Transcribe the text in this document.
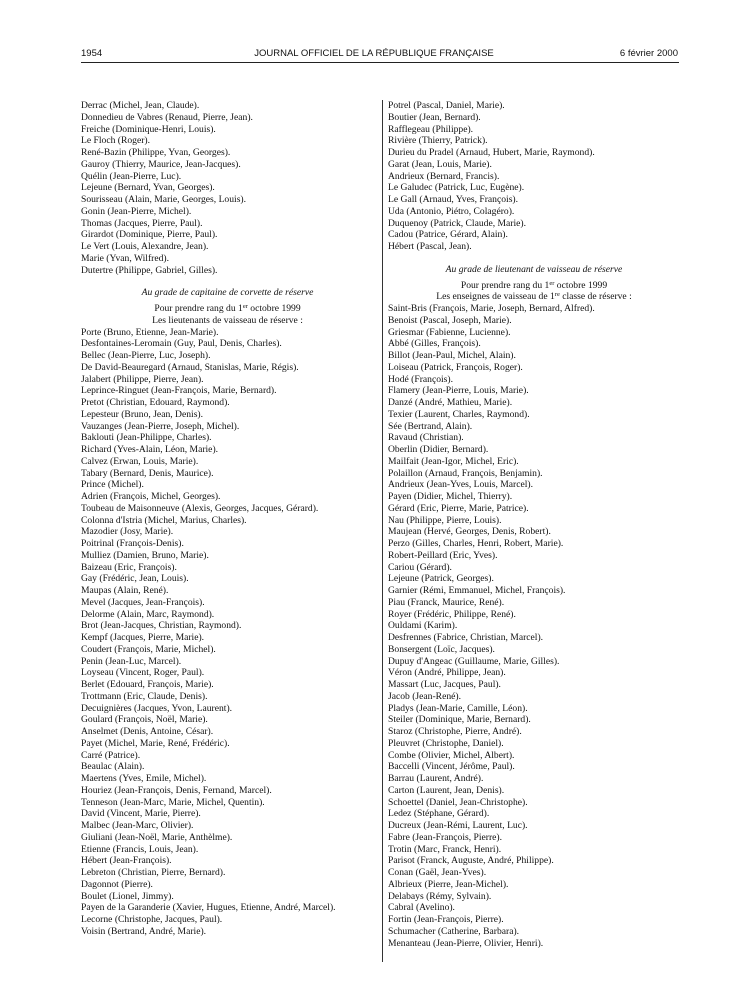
1954	JOURNAL OFFICIEL DE LA RÉPUBLIQUE FRANÇAISE	6 février 2000
Derrac (Michel, Jean, Claude).
Donnedieu de Vabres (Renaud, Pierre, Jean).
Freiche (Dominique-Henri, Louis).
Le Floch (Roger).
René-Bazin (Philippe, Yvan, Georges).
Gauroy (Thierry, Maurice, Jean-Jacques).
Quélin (Jean-Pierre, Luc).
Lejeune (Bernard, Yvan, Georges).
Sourisseau (Alain, Marie, Georges, Louis).
Gonin (Jean-Pierre, Michel).
Thomas (Jacques, Pierre, Paul).
Girardot (Dominique, Pierre, Paul).
Le Vert (Louis, Alexandre, Jean).
Marie (Yvan, Wilfred).
Dutertre (Philippe, Gabriel, Gilles).
Au grade de capitaine de corvette de réserve
Pour prendre rang du 1er octobre 1999
Les lieutenants de vaisseau de réserve :
Porte (Bruno, Etienne, Jean-Marie).
Desfontaines-Leromain (Guy, Paul, Denis, Charles).
Bellec (Jean-Pierre, Luc, Joseph).
De David-Beauregard (Arnaud, Stanislas, Marie, Régis).
Jalabert (Philippe, Pierre, Jean).
Leprince-Ringuet (Jean-François, Marie, Bernard).
Pretot (Christian, Edouard, Raymond).
Lepesteur (Bruno, Jean, Denis).
Vauzanges (Jean-Pierre, Joseph, Michel).
Baklouti (Jean-Philippe, Charles).
Richard (Yves-Alain, Léon, Marie).
Calvez (Erwan, Louis, Marie).
Tabary (Bernard, Denis, Maurice).
Prince (Michel).
Adrien (François, Michel, Georges).
Toubeau de Maisonneuve (Alexis, Georges, Jacques, Gérard).
Colonna d'Istria (Michel, Marius, Charles).
Mazodier (Josy, Marie).
Poitrinal (François-Denis).
Mulliez (Damien, Bruno, Marie).
Baizeau (Eric, François).
Gay (Frédéric, Jean, Louis).
Maupas (Alain, René).
Mevel (Jacques, Jean-François).
Delorme (Alain, Marc, Raymond).
Brot (Jean-Jacques, Christian, Raymond).
Kempf (Jacques, Pierre, Marie).
Coudert (François, Marie, Michel).
Penin (Jean-Luc, Marcel).
Loyseau (Vincent, Roger, Paul).
Berlet (Edouard, François, Marie).
Trottmann (Eric, Claude, Denis).
Decuignières (Jacques, Yvon, Laurent).
Goulard (François, Noël, Marie).
Anselmet (Denis, Antoine, César).
Payet (Michel, Marie, René, Frédéric).
Carré (Patrice).
Beaulac (Alain).
Maertens (Yves, Emile, Michel).
Houriez (Jean-François, Denis, Fernand, Marcel).
Tenneson (Jean-Marc, Marie, Michel, Quentin).
David (Vincent, Marie, Pierre).
Malbec (Jean-Marc, Olivier).
Giuliani (Jean-Noël, Marie, Anthèlme).
Etienne (Francis, Louis, Jean).
Hébert (Jean-François).
Lebreton (Christian, Pierre, Bernard).
Dagonnot (Pierre).
Boulet (Lionel, Jimmy).
Payen de la Garanderie (Xavier, Hugues, Etienne, André, Marcel).
Lecorne (Christophe, Jacques, Paul).
Voisin (Bertrand, André, Marie).
Potrel (Pascal, Daniel, Marie).
Boutier (Jean, Bernard).
Rafflegeau (Philippe).
Rivière (Thierry, Patrick).
Durieu du Pradel (Arnaud, Hubert, Marie, Raymond).
Garat (Jean, Louis, Marie).
Andrieux (Bernard, Francis).
Le Galudec (Patrick, Luc, Eugène).
Le Gall (Arnaud, Yves, François).
Uda (Antonio, Piétro, Colagéro).
Duquenoy (Patrick, Claude, Marie).
Cadou (Patrice, Gérard, Alain).
Hébert (Pascal, Jean).
Au grade de lieutenant de vaisseau de réserve
Pour prendre rang du 1er octobre 1999
Les enseignes de vaisseau de 1re classe de réserve :
Saint-Bris (François, Marie, Joseph, Bernard, Alfred).
Benoist (Pascal, Joseph, Marie).
Griesmar (Fabienne, Lucienne).
Abbé (Gilles, François).
Billot (Jean-Paul, Michel, Alain).
Loiseau (Patrick, François, Roger).
Hodé (François).
Flamery (Jean-Pierre, Louis, Marie).
Danzé (André, Mathieu, Marie).
Texier (Laurent, Charles, Raymond).
Sée (Bertrand, Alain).
Ravaud (Christian).
Oberlin (Didier, Bernard).
Mailfait (Jean-Igor, Michel, Eric).
Polaillon (Arnaud, François, Benjamin).
Andrieux (Jean-Yves, Louis, Marcel).
Payen (Didier, Michel, Thierry).
Gérard (Eric, Pierre, Marie, Patrice).
Nau (Philippe, Pierre, Louis).
Maujean (Hervé, Georges, Denis, Robert).
Perzo (Gilles, Charles, Henri, Robert, Marie).
Robert-Peillard (Eric, Yves).
Cariou (Gérard).
Lejeune (Patrick, Georges).
Garnier (Rémi, Emmanuel, Michel, François).
Piau (Franck, Maurice, René).
Royer (Frédéric, Philippe, René).
Ouldami (Karim).
Desfrennes (Fabrice, Christian, Marcel).
Bonsergent (Loïc, Jacques).
Dupuy d'Angeac (Guillaume, Marie, Gilles).
Véron (André, Philippe, Jean).
Massart (Luc, Jacques, Paul).
Jacob (Jean-René).
Pladys (Jean-Marie, Camille, Léon).
Steiler (Dominique, Marie, Bernard).
Staroz (Christophe, Pierre, André).
Pleuvret (Christophe, Daniel).
Combe (Olivier, Michel, Albert).
Baccelli (Vincent, Jérôme, Paul).
Barrau (Laurent, André).
Carton (Laurent, Jean, Denis).
Schoettel (Daniel, Jean-Christophe).
Ledez (Stéphane, Gérard).
Ducreux (Jean-Rémi, Laurent, Luc).
Fabre (Jean-François, Pierre).
Trotin (Marc, Franck, Henri).
Parisot (Franck, Auguste, André, Philippe).
Conan (Gaël, Jean-Yves).
Albrieux (Pierre, Jean-Michel).
Delabays (Rémy, Sylvain).
Cabral (Avelino).
Fortin (Jean-François, Pierre).
Schumacher (Catherine, Barbara).
Menanteau (Jean-Pierre, Olivier, Henri).
